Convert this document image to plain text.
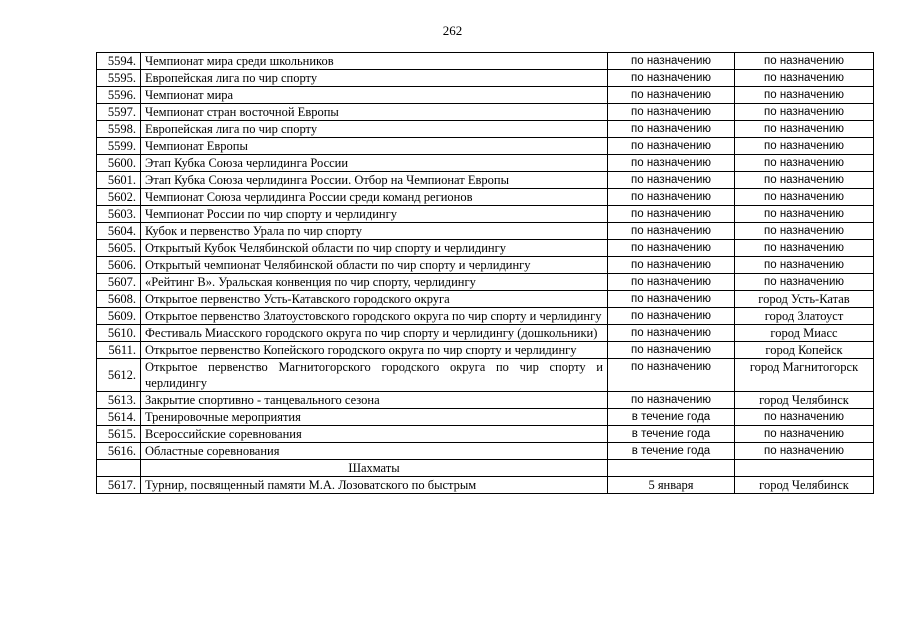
262
5594.	Чемпионат мира среди школьников	по назначению	по назначению
5595.	Европейская лига по чир спорту	по назначению	по назначению
5596.	Чемпионат мира	по назначению	по назначению
5597.	Чемпионат стран восточной Европы	по назначению	по назначению
5598.	Европейская лига по чир спорту	по назначению	по назначению
5599.	Чемпионат Европы	по назначению	по назначению
5600.	Этап Кубка Союза черлидинга России	по назначению	по назначению
5601.	Этап Кубка Союза черлидинга России. Отбор на Чемпионат Европы	по назначению	по назначению
5602.	Чемпионат Союза черлидинга России среди команд регионов	по назначению	по назначению
5603.	Чемпионат России по чир спорту и черлидингу	по назначению	по назначению
5604.	Кубок и первенство Урала по чир спорту	по назначению	по назначению
5605.	Открытый Кубок Челябинской области по чир спорту и черлидингу	по назначению	по назначению
5606.	Открытый чемпионат Челябинской области по чир спорту и черлидингу	по назначению	по назначению
5607.	«Рейтинг В». Уральская конвенция по чир спорту, черлидингу	по назначению	по назначению
5608.	Открытое первенство Усть-Катавского городского округа	по назначению	город Усть-Катав
5609.	Открытое первенство Златоустовского городского округа по чир спорту и черлидингу	по назначению	город Златоуст
5610.	Фестиваль Миасского городского округа по чир спорту и черлидингу (дошкольники)	по назначению	город Миасс
5611.	Открытое первенство Копейского городского округа по чир спорту и черлидингу	по назначению	город Копейск
5612.	Открытое первенство Магнитогорского городского округа по чир спорту и черлидингу	по назначению	город Магнитогорск
5613.	Закрытие спортивно - танцевального сезона	по назначению	город Челябинск
5614.	Тренировочные мероприятия	в течение года	по назначению
5615.	Всероссийские соревнования	в течение года	по назначению
5616.	Областные соревнования	в течение года	по назначению
	Шахматы		
5617.	Турнир, посвященный памяти М.А. Лозоватского по быстрым	5 января	город Челябинск
